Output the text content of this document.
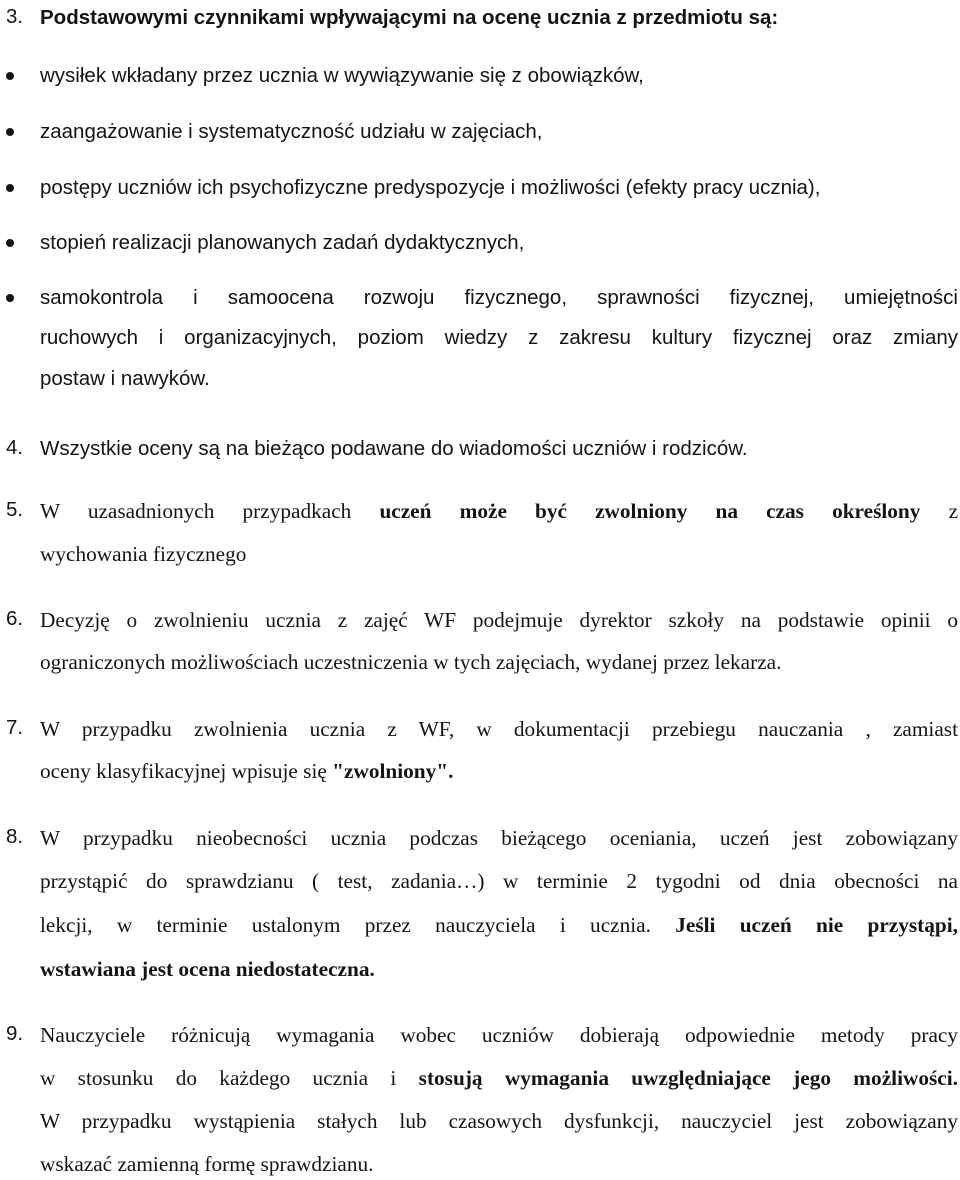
3. Podstawowymi czynnikami wpływającymi na ocenę ucznia z przedmiotu są:
wysiłek wkładany przez ucznia w wywiązywanie się z obowiązków,
zaangażowanie i systematyczność udziału w zajęciach,
postępy uczniów ich psychofizyczne predyspozycje i możliwości (efekty pracy ucznia),
stopień realizacji planowanych zadań dydaktycznych,
samokontrola i samoocena rozwoju fizycznego, sprawności fizycznej, umiejętności
ruchowych i organizacyjnych, poziom wiedzy z zakresu kultury fizycznej oraz zmiany
postaw i nawyków.
4. Wszystkie oceny są na bieżąco podawane do wiadomości uczniów i rodziców.
5. W uzasadnionych przypadkach uczeń może być zwolniony na czas określony z
wychowania fizycznego
6. Decyzję o zwolnieniu ucznia z zajęć WF podejmuje dyrektor szkoły na podstawie opinii o
ograniczonych możliwościach uczestniczenia w tych zajęciach, wydanej przez lekarza.
7. W przypadku zwolnienia ucznia z WF, w dokumentacji przebiegu nauczania , zamiast
oceny klasyfikacyjnej wpisuje się "zwolniony".
8. W przypadku nieobecności ucznia podczas bieżącego oceniania, uczeń jest zobowiązany
przystąpić do sprawdzianu ( test, zadania…) w terminie 2 tygodni od dnia obecności na
lekcji, w terminie ustalonym przez nauczyciela i ucznia. Jeśli uczeń nie przystąpi,
wstawiana jest ocena niedostateczna.
9. Nauczyciele różnicują wymagania wobec uczniów dobierają odpowiednie metody pracy
w stosunku do każdego ucznia i stosują wymagania uwzględniające jego możliwości.
W przypadku wystąpienia stałych lub czasowych dysfunkcji, nauczyciel jest zobowiązany
wskazać zamienną formę sprawdzianu.
